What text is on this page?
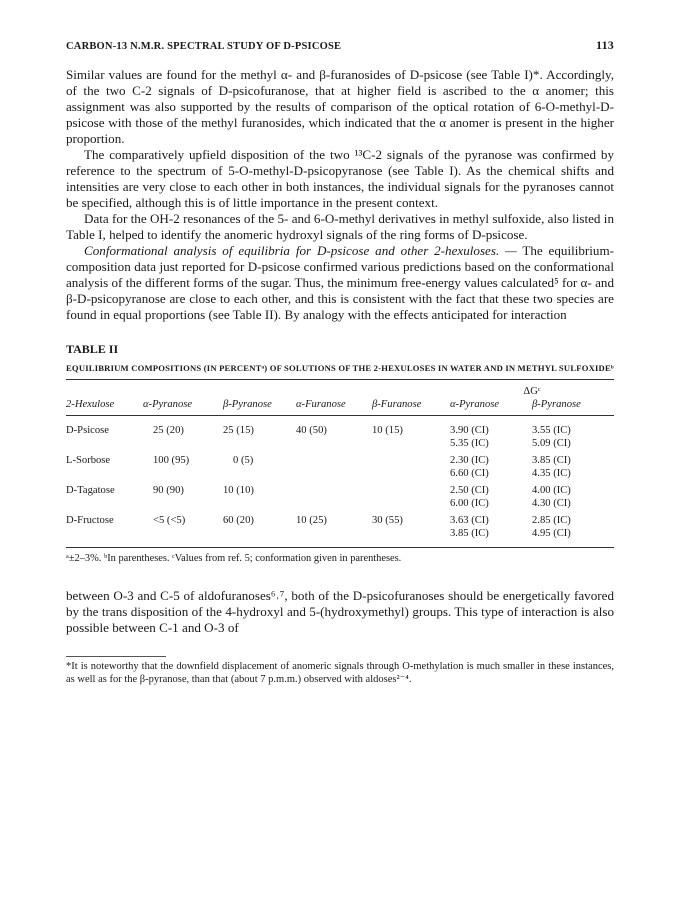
CARBON-13 N.M.R. SPECTRAL STUDY OF D-PSICOSE	113

Similar values are found for the methyl α- and β-furanosides of D-psicose (see Table I)*. Accordingly, of the two C-2 signals of D-psicofuranose, that at higher field is ascribed to the α anomer; this assignment was also supported by the results of comparison of the optical rotation of 6-O-methyl-D-psicose with those of the methyl furanosides, which indicated that the α anomer is present in the higher proportion.

The comparatively upfield disposition of the two ¹³C-2 signals of the pyranose was confirmed by reference to the spectrum of 5-O-methyl-D-psicopyranose (see Table I). As the chemical shifts and intensities are very close to each other in both instances, the individual signals for the pyranoses cannot be specified, although this is of little importance in the present context.

Data for the OH-2 resonances of the 5- and 6-O-methyl derivatives in methyl sulfoxide, also listed in Table I, helped to identify the anomeric hydroxyl signals of the ring forms of D-psicose.

Conformational analysis of equilibria for D-psicose and other 2-hexuloses. — The equilibrium-composition data just reported for D-psicose confirmed various predictions based on the conformational analysis of the different forms of the sugar. Thus, the minimum free-energy values calculated⁵ for α- and β-D-psicopyranose are close to each other, and this is consistent with the fact that these two species are found in equal proportions (see Table II). By analogy with the effects anticipated for interaction

TABLE II
EQUILIBRIUM COMPOSITIONS (IN PERCENTᵃ) OF SOLUTIONS OF THE 2-HEXULOSES IN WATER AND IN METHYL SULFOXIDEᵇ
					ΔGᶜ	
2-Hexulose	α-Pyranose	β-Pyranose	α-Furanose	β-Furanose	α-Pyranose	β-Pyranose

D-Psicose	25 (20)	25 (15)	40 (50)	10 (15)	3.90 (CI)	3.55 (IC)
					5.35 (IC)	5.09 (CI)
L-Sorbose	100 (95)	0 (5)			2.30 (IC)	3.85 (CI)
					6.60 (CI)	4.35 (IC)
D-Tagatose	90 (90)	10 (10)			2.50 (CI)	4.00 (IC)
					6.00 (IC)	4.30 (CI)
D-Fructose	<5 (<5)	60 (20)	10 (25)	30 (55)	3.63 (CI)	2.85 (IC)
					3.85 (IC)	4.95 (CI)
ᵃ±2–3%. ᵇIn parentheses. ᶜValues from ref. 5; conformation given in parentheses.

between O-3 and C-5 of aldofuranoses⁶˒⁷, both of the D-psicofuranoses should be energetically favored by the trans disposition of the 4-hydroxyl and 5-(hydroxymethyl) groups. This type of interaction is also possible between C-1 and O-3 of

*It is noteworthy that the downfield displacement of anomeric signals through O-methylation is much smaller in these instances, as well as for the β-pyranose, than that (about 7 p.m.m.) observed with aldoses²⁻⁴.
